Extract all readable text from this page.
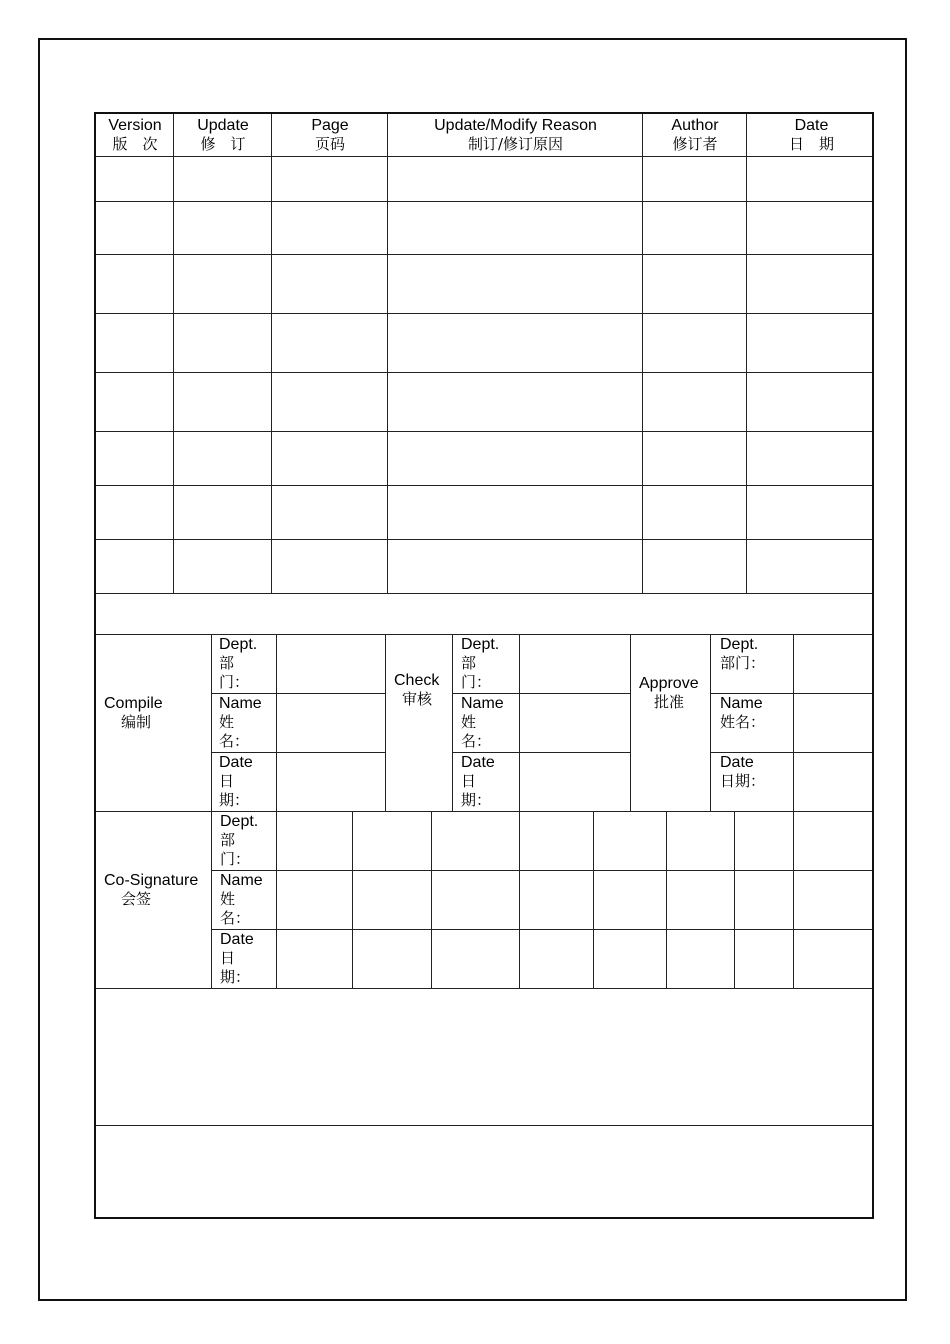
Version
版　次
Update
修　订
Page
页码
Update/Modify Reason
制订/修订原因
Author
修订者
Date
日　期
Compile
编制
Check
审核
Approve
批准
Co-Signature
会签
Dept.
部门：
Name
姓名：
Date
日期：
Dept.
部门：
Name
姓名：
Date
日期：
Dept.
部门：
Name
姓名：
Date
日期：
Dept.
部门：
Name
姓名：
Date
日期：
